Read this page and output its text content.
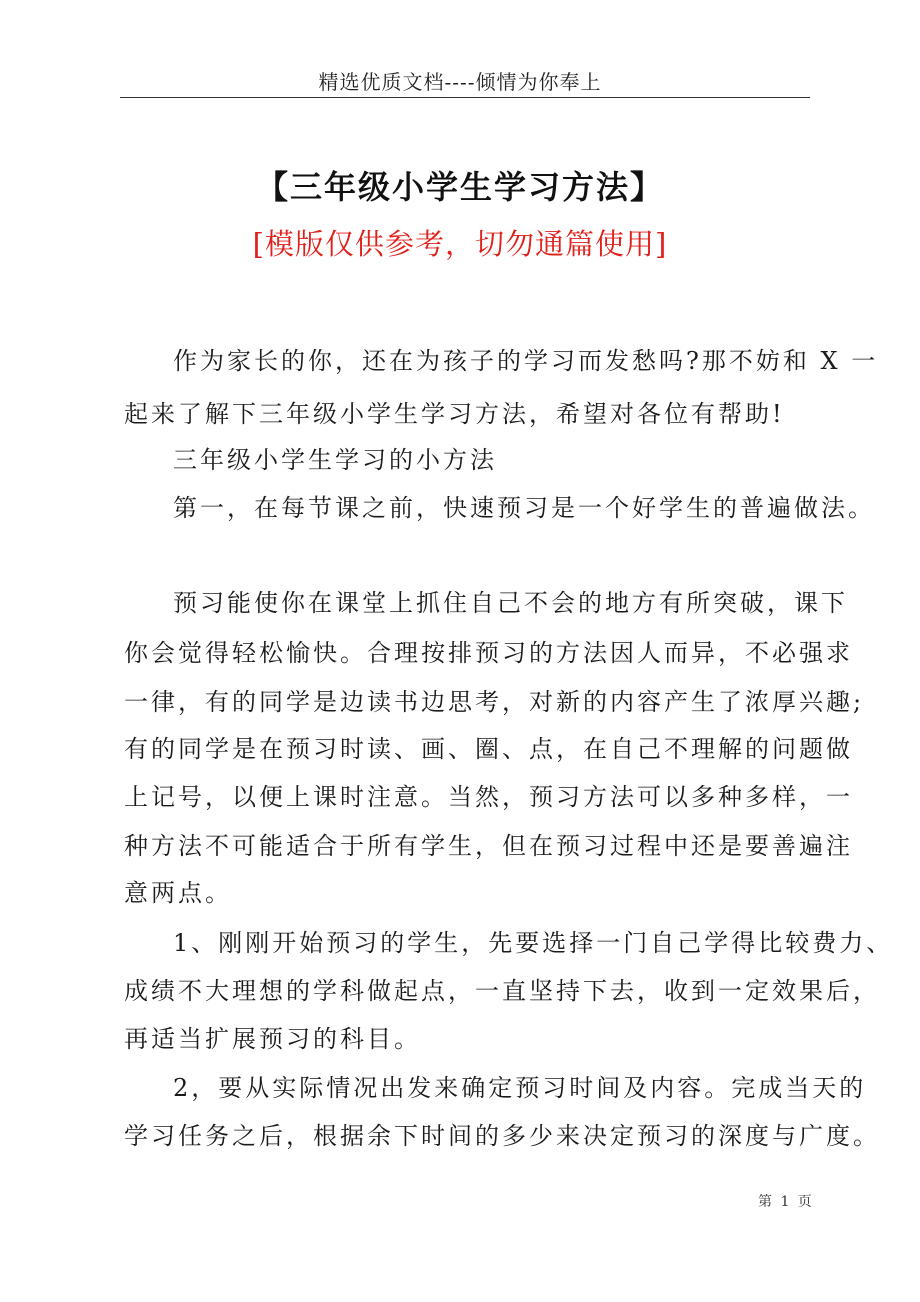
精选优质文档----倾情为你奉上
【三年级小学生学习方法】
[模版仅供参考，切勿通篇使用]
作为家长的你，还在为孩子的学习而发愁吗?那不妨和 X 一
起来了解下三年级小学生学习方法，希望对各位有帮助!
三年级小学生学习的小方法
第一，在每节课之前，快速预习是一个好学生的普遍做法。
预习能使你在课堂上抓住自己不会的地方有所突破，课下
你会觉得轻松愉快。合理按排预习的方法因人而异，不必强求
一律，有的同学是边读书边思考，对新的内容产生了浓厚兴趣;
有的同学是在预习时读、画、圈、点，在自己不理解的问题做
上记号，以便上课时注意。当然，预习方法可以多种多样，一
种方法不可能适合于所有学生，但在预习过程中还是要善遍注
意两点。
1、刚刚开始预习的学生，先要选择一门自己学得比较费力、
成绩不大理想的学科做起点，一直坚持下去，收到一定效果后，
再适当扩展预习的科目。
2，要从实际情况出发来确定预习时间及内容。完成当天的
学习任务之后，根据余下时间的多少来决定预习的深度与广度。
第 1 页
